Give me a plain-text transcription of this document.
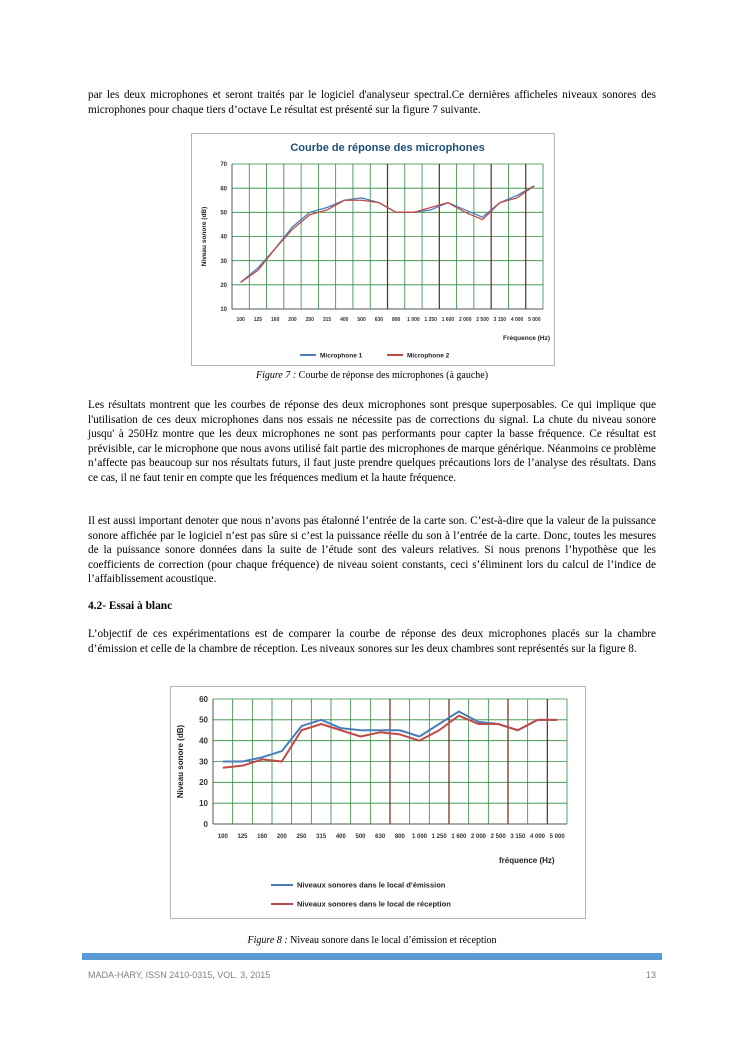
par les deux microphones et seront traités par le logiciel d'analyseur spectral.Ce dernières afficheles niveaux sonores des microphones pour chaque tiers d’octave Le résultat est présenté sur la figure 7 suivante.

10
20
30
40
50
60
70
100 125 160 200 250 315 400 500 630 800 1 000 1 250 1 600 2 000 2 500 3 150 4 000 5 000
Courbe de réponse des microphones
Niveau sonore (dB)
Fréquence (Hz)
Microphone 1	Microphone 2

Figure 7 : Courbe de réponse des microphones (à gauche)

Les résultats montrent que les courbes de réponse des deux microphones sont presque superposables. Ce qui implique que l'utilisation de ces deux microphones dans nos essais ne nécessite pas de corrections du signal. La chute du niveau sonore jusqu' à 250Hz montre que les deux microphones ne sont pas performants pour capter la basse fréquence. Ce résultat est prévisible, car le microphone que nous avons utilisé fait partie des microphones de marque générique. Néanmoins ce problème n’affecte pas beaucoup sur nos résultats futurs, il faut juste prendre quelques précautions lors de l’analyse des résultats. Dans ce cas, il ne faut tenir en compte que les fréquences medium et la haute fréquence.

Il est aussi important denoter que nous n’avons pas étalonné l’entrée de la carte son. C’est-à-dire que la valeur de la puissance sonore affichée par le logiciel n’est pas sûre si c’est la puissance réelle du son à l’entrée de la carte. Donc, toutes les mesures de la puissance sonore données dans la suite de l’étude sont des valeurs relatives. Si nous prenons l’hypothèse que les coefficients de correction (pour chaque fréquence) de niveau soient constants, ceci s’éliminent lors du calcul de l’indice de l’affaiblissement acoustique.

4.2- Essai à blanc

L’objectif de ces expérimentations est de comparer la courbe de réponse des deux microphones placés sur la chambre d’émission et celle de la chambre de réception. Les niveaux sonores sur les deux chambres sont représentés sur la figure 8.

0
10
20
30
40
50
60
100 125 160 200 250 315 400 500 630 800 1 000 1 250 1 600 2 000 2 500 3 150 4 000 5 000
Niveau sonore (dB)
fréquence (Hz)
Niveaux sonores dans le local d’émission
Niveaux sonores dans le local de réception

Figure 8 : Niveau sonore dans le local d’émission et réception

MADA-HARY, ISSN 2410-0315, VOL. 3, 2015	13
